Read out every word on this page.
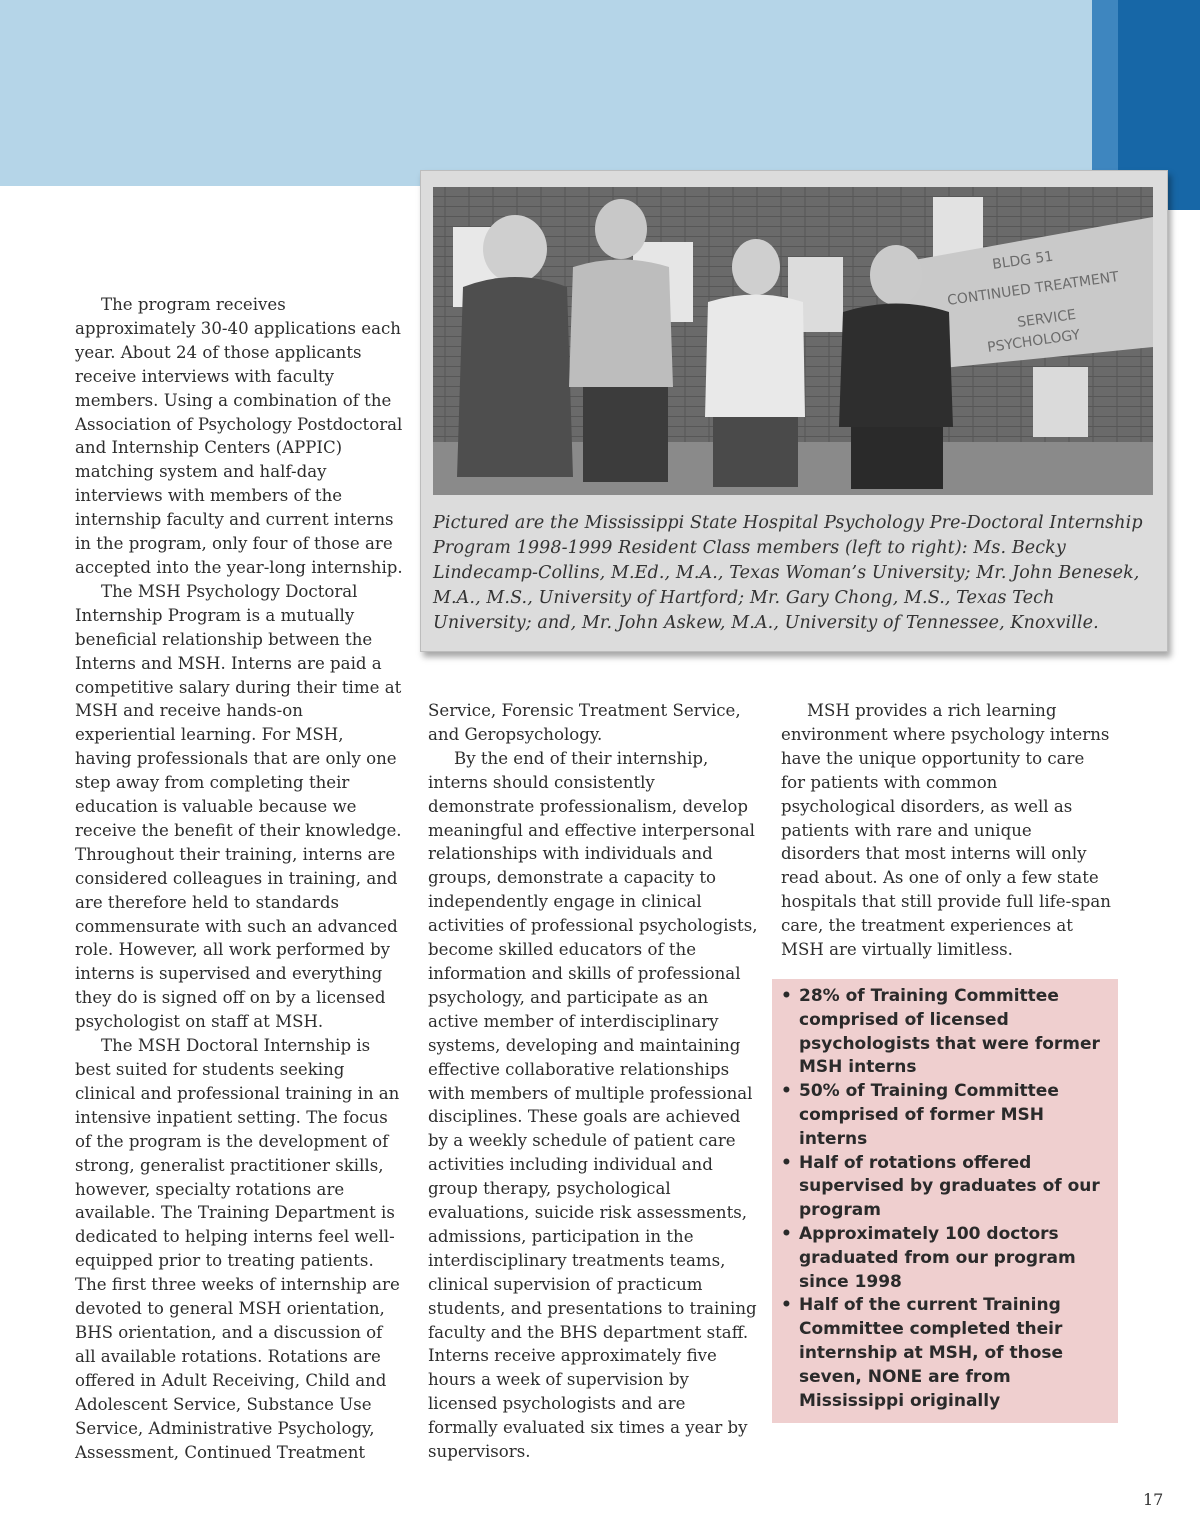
BLDG 51
CONTINUED TREATMENT
SERVICE
PSYCHOLOGY
Pictured are the Mississippi State Hospital Psychology Pre-Doctoral Internship Program 1998-1999 Resident Class members (left to right): Ms. Becky Lindecamp-Collins, M.Ed., M.A., Texas Woman’s University; Mr. John Benesek, M.A., M.S., University of Hartford; Mr. Gary Chong, M.S., Texas Tech University; and, Mr. John Askew, M.A., University of Tennessee, Knoxville.

The program receives approximately 30-40 applications each year. About 24 of those applicants receive interviews with faculty members. Using a combination of the Association of Psychology Postdoctoral and Internship Centers (APPIC) matching system and half-day interviews with members of the internship faculty and current interns in the program, only four of those are accepted into the year-long internship.

The MSH Psychology Doctoral Internship Program is a mutually beneficial relationship between the Interns and MSH. Interns are paid a competitive salary during their time at MSH and receive hands-on experiential learning. For MSH, having professionals that are only one step away from completing their education is valuable because we receive the benefit of their knowledge. Throughout their training, interns are considered colleagues in training, and are therefore held to standards commensurate with such an advanced role. However, all work performed by interns is supervised and everything they do is signed off on by a licensed psychologist on staff at MSH.

The MSH Doctoral Internship is best suited for students seeking clinical and professional training in an intensive inpatient setting. The focus of the program is the development of strong, generalist practitioner skills, however, specialty rotations are available. The Training Department is dedicated to helping interns feel well-equipped prior to treating patients. The first three weeks of internship are devoted to general MSH orientation, BHS orientation, and a discussion of all available rotations. Rotations are offered in Adult Receiving, Child and Adolescent Service, Substance Use Service, Administrative Psychology, Assessment, Continued Treatment

Service, Forensic Treatment Service, and Geropsychology.

By the end of their internship, interns should consistently demonstrate professionalism, develop meaningful and effective interpersonal relationships with individuals and groups, demonstrate a capacity to independently engage in clinical activities of professional psychologists, become skilled educators of the information and skills of professional psychology, and participate as an active member of interdisciplinary systems, developing and maintaining effective collaborative relationships with members of multiple professional disciplines. These goals are achieved by a weekly schedule of patient care activities including individual and group therapy, psychological evaluations, suicide risk assessments, admissions, participation in the interdisciplinary treatments teams, clinical supervision of practicum students, and presentations to training faculty and the BHS department staff. Interns receive approximately five hours a week of supervision by licensed psychologists and are formally evaluated six times a year by supervisors.

MSH provides a rich learning environment where psychology interns have the unique opportunity to care for patients with common psychological disorders, as well as patients with rare and unique disorders that most interns will only read about. As one of only a few state hospitals that still provide full life-span care, the treatment experiences at MSH are virtually limitless.

• 28% of Training Committee comprised of licensed psychologists that were former MSH interns
• 50% of Training Committee comprised of former MSH interns
• Half of rotations offered supervised by graduates of our program
• Approximately 100 doctors graduated from our program since 1998
• Half of the current Training Committee completed their internship at MSH, of those seven, NONE are from Mississippi originally
17
